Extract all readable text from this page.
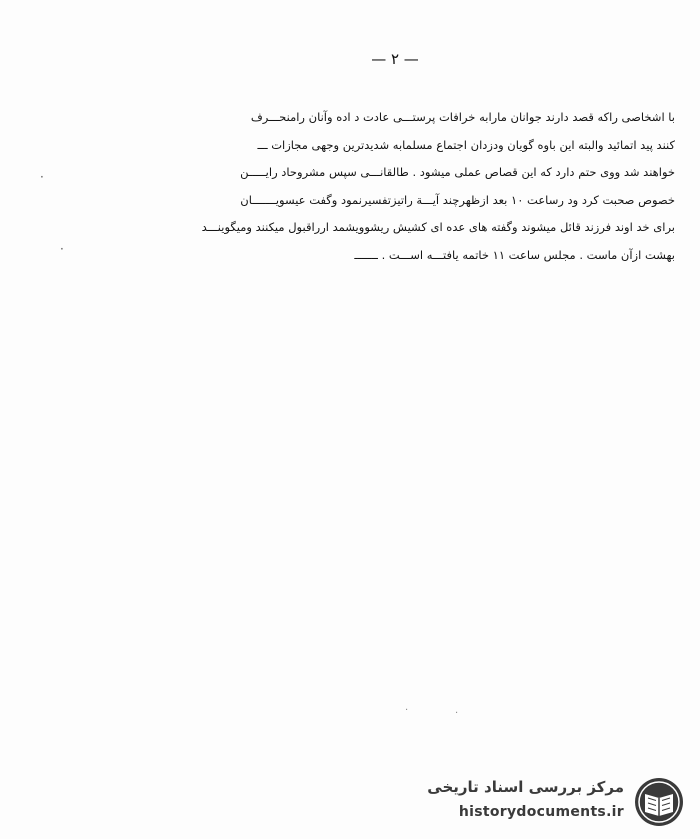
— ۲ —
با اشخاصی راکه قصد دارند جوانان مارابه خرافات پرستـــی عادت د اده وآنان رامنحـــرف
کنند پید اتمائید والبته این باوه گویان ودزدان اجتماع مسلمابه شدیدترین وجهی مجازات ـــ
خواهند شد ووی حتم دارد که این قصاص عملی میشود . طالقانـــی سپس مشروحاد رایـــــن
خصوص صحبت کرد ود رساعت ۱۰ بعد ازظهرچند آیـــة راتیزتفسیرنمود وگفت عیسویـــــــان
برای خد اوند فرزند قائل میشوند وگفته های عده ای کشیش ریشوویشمد ارراقبول میکنند ومیگوینـــد
بهشت ازآن ماست . مجلس ساعت ۱۱ خاتمه یافتـــه اســـت . ـــــــ
·
·
·	·
مرکز بررسی اسناد تاریخی
historydocuments.ir
